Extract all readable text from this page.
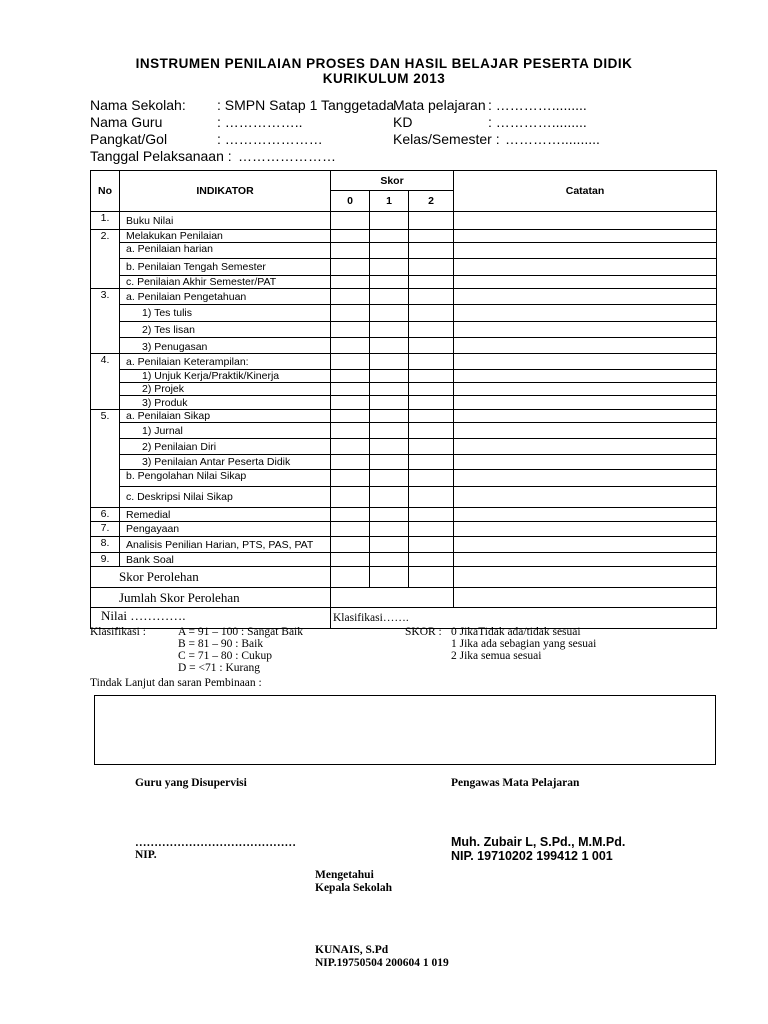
INSTRUMEN PENILAIAN PROSES DAN HASIL BELAJAR PESERTA DIDIK
KURIKULUM 2013
Nama Sekolah: : SMPN Satap 1 Tanggetada
Nama Guru	: ……………..
Pangkat/Gol	: …………………
Tanggal Pelaksanaan : …………………
Mata pelajaran : ………….........
KD	: ………….........
Kelas/Semester : …………..........
No	INDIKATOR	Skor			Catatan
		0	1	2	
1.	Buku Nilai				
2.	Melakukan Penilaian				
	a. Penilaian harian				
	b. Penilaian Tengah Semester				
	c. Penilaian Akhir Semester/PAT				
3.	a. Penilaian Pengetahuan				
	1) Tes tulis				
	2) Tes lisan				
	3) Penugasan				
4.	a. Penilaian Keterampilan:				
	1) Unjuk Kerja/Praktik/Kinerja				
	2) Projek				
	3) Produk				
5.	a. Penilaian Sikap				
	1) Jurnal				
	2) Penilaian Diri				
	3) Penilaian Antar Peserta Didik				
	b. Pengolahan Nilai Sikap				
	c. Deskripsi Nilai Sikap				
6.	Remedial				
7.	Pengayaan				
8.	Analisis Penilian Harian, PTS, PAS, PAT				
9.	Bank Soal				
Skor Perolehan					
Jumlah Skor Perolehan					
Nilai ………….		Klasifikasi…….			
Klasifikasi :	A = 91 – 100 : Sangat Baik
B = 81 – 90 : Baik
C = 71 – 80 : Cukup
D = <71 : Kurang
SKOR : 0 JikaTidak ada/tidak sesuai
1 Jika ada sebagian yang sesuai
2 Jika semua sesuai
Tindak Lanjut dan saran Pembinaan :
Guru yang Disupervisi
……………………………………
NIP.
Pengawas Mata Pelajaran
Muh. Zubair L, S.Pd., M.M.Pd.
NIP. 19710202 199412 1 001
Mengetahui
Kepala Sekolah
KUNAIS, S.Pd
NIP.19750504 200604 1 019
